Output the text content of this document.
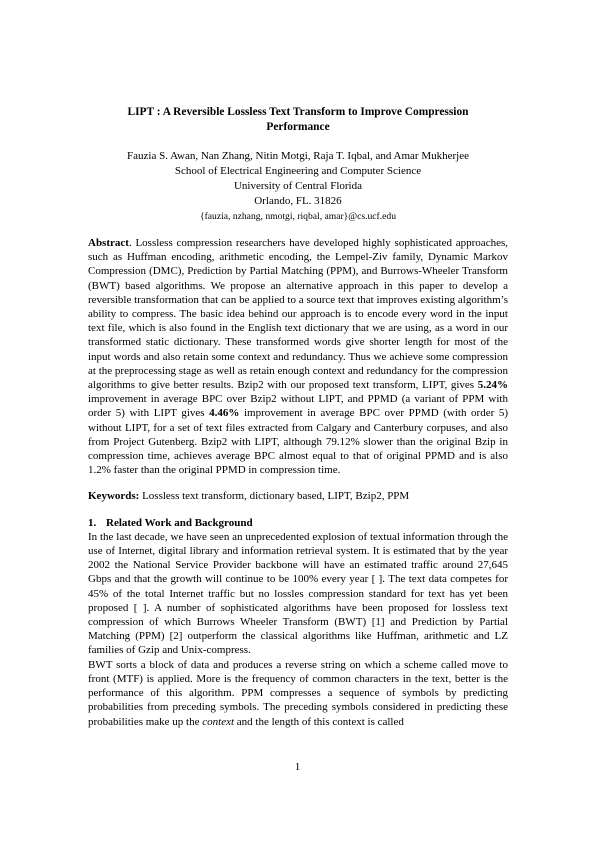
LIPT : A Reversible Lossless Text Transform to Improve Compression
Performance
Fauzia S. Awan, Nan Zhang, Nitin Motgi, Raja T. Iqbal, and Amar Mukherjee
School of Electrical Engineering and Computer Science
University of Central Florida
Orlando, FL. 31826
{fauzia, nzhang, nmotgi, riqbal, amar}@cs.ucf.edu

Abstract. Lossless compression researchers have developed highly sophisticated approaches, such as Huffman encoding, arithmetic encoding, the Lempel-Ziv family, Dynamic Markov Compression (DMC), Prediction by Partial Matching (PPM), and Burrows-Wheeler Transform (BWT) based algorithms. We propose an alternative approach in this paper to develop a reversible transformation that can be applied to a source text that improves existing algorithm’s ability to compress. The basic idea behind our approach is to encode every word in the input text file, which is also found in the English text dictionary that we are using, as a word in our transformed static dictionary. These transformed words give shorter length for most of the input words and also retain some context and redundancy. Thus we achieve some compression at the preprocessing stage as well as retain enough context and redundancy for the compression algorithms to give better results. Bzip2 with our proposed text transform, LIPT, gives 5.24% improvement in average BPC over Bzip2 without LIPT, and PPMD (a variant of PPM with order 5) with LIPT gives 4.46% improvement in average BPC over PPMD (with order 5) without LIPT, for a set of text files extracted from Calgary and Canterbury corpuses, and also from Project Gutenberg. Bzip2 with LIPT, although 79.12% slower than the original Bzip in compression time, achieves average BPC almost equal to that of original PPMD and is also 1.2% faster than the original PPMD in compression time.

Keywords: Lossless text transform, dictionary based, LIPT, Bzip2, PPM

1. Related Work and Background

In the last decade, we have seen an unprecedented explosion of textual information through the use of Internet, digital library and information retrieval system. It is estimated that by the year 2002 the National Service Provider backbone will have an estimated traffic around 27,645 Gbps and that the growth will continue to be 100% every year [ ]. The text data competes for 45% of the total Internet traffic but no lossles compression standard for text has yet been proposed [ ]. A number of sophisticated algorithms have been proposed for lossless text compression of which Burrows Wheeler Transform (BWT) [1] and Prediction by Partial Matching (PPM) [2] outperform the classical algorithms like Huffman, arithmetic and LZ families of Gzip and Unix-compress.

BWT sorts a block of data and produces a reverse string on which a scheme called move to front (MTF) is applied. More is the frequency of common characters in the text, better is the performance of this algorithm. PPM compresses a sequence of symbols by predicting probabilities from preceding symbols. The preceding symbols considered in predicting these probabilities make up the context and the length of this context is called

1
